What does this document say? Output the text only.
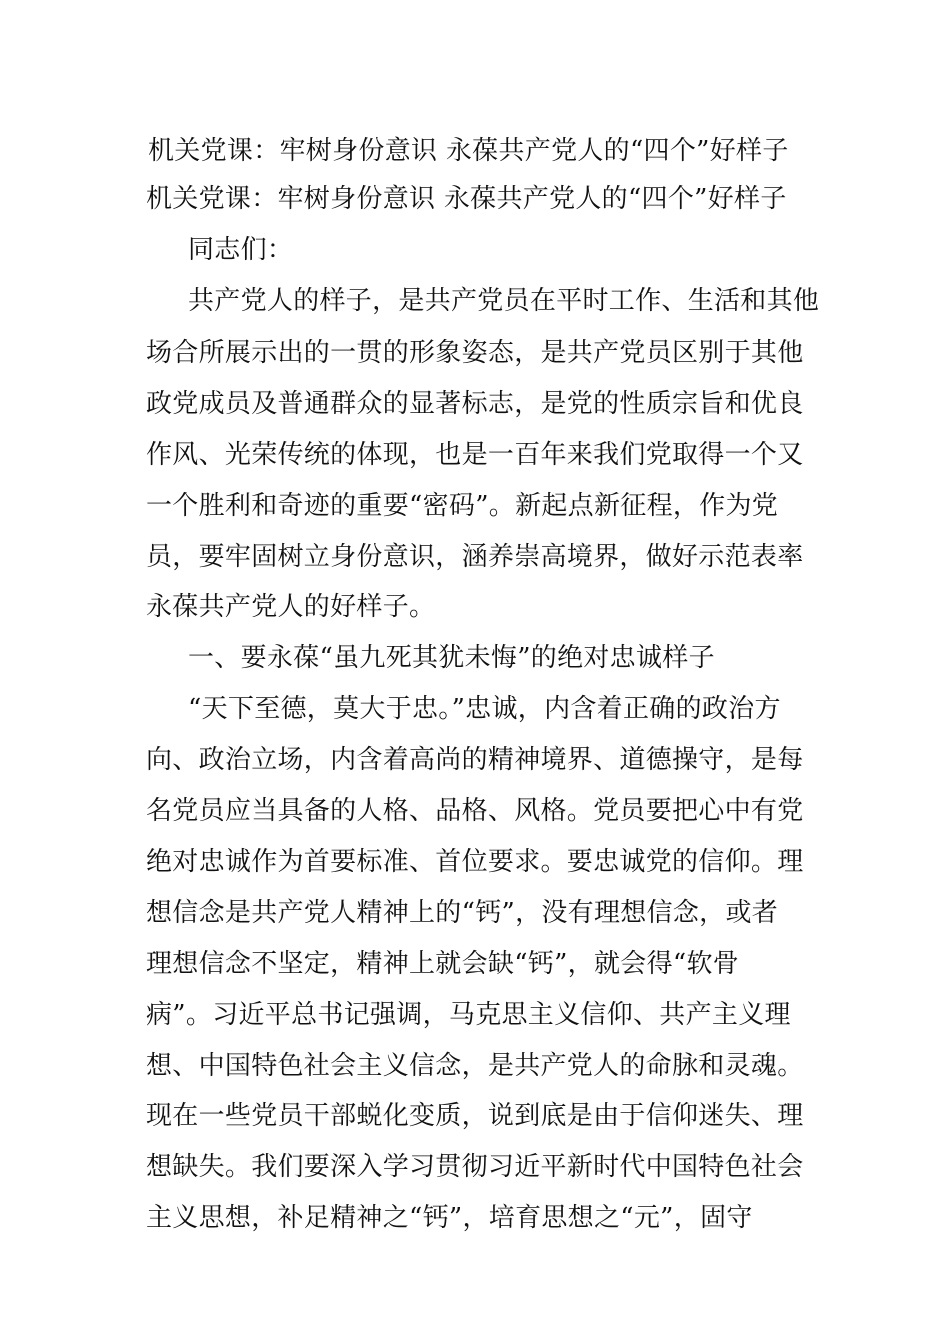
机关党课：牢树身份意识 永葆共产党人的“四个”好样子

机关党课：牢树身份意识 永葆共产党人的“四个”好样子

同志们：

共产党人的样子，是共产党员在平时工作、生活和其他

场合所展示出的一贯的形象姿态，是共产党员区别于其他

政党成员及普通群众的显著标志，是党的性质宗旨和优良

作风、光荣传统的体现，也是一百年来我们党取得一个又

一个胜利和奇迹的重要“密码”。新起点新征程，作为党

员，要牢固树立身份意识，涵养崇高境界，做好示范表率

永葆共产党人的好样子。

一、要永葆“虽九死其犹未悔”的绝对忠诚样子

“天下至德，莫大于忠。”忠诚，内含着正确的政治方

向、政治立场，内含着高尚的精神境界、道德操守，是每

名党员应当具备的人格、品格、风格。党员要把心中有党

绝对忠诚作为首要标准、首位要求。要忠诚党的信仰。理

想信念是共产党人精神上的“钙”，没有理想信念，或者

理想信念不坚定，精神上就会缺“钙”，就会得“软骨

病”。习近平总书记强调，马克思主义信仰、共产主义理

想、中国特色社会主义信念，是共产党人的命脉和灵魂。

现在一些党员干部蜕化变质，说到底是由于信仰迷失、理

想缺失。我们要深入学习贯彻习近平新时代中国特色社会

主义思想，补足精神之“钙”，培育思想之“元”，固守
